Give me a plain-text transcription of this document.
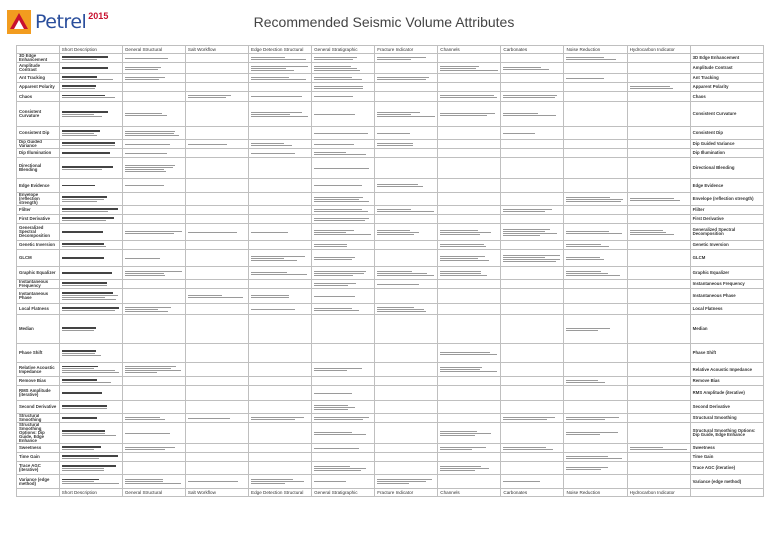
Petrel 2015	Recommended Seismic Volume Attributes
	Short Description	General Structural	Salt Workflow	Edge Detection Structural	General Stratigraphic	Fracture Indicator	Channels	Carbonates	Noise Reduction	Hydrocarbon Indicator	
3D Edge Enhancement											3D Edge Enhancement
Amplitude Contrast											Amplitude Contrast
Ant Tracking											Ant Tracking
Apparent Polarity											Apparent Polarity
Chaos											Chaos
Consistent Curvature											Consistent Curvature
Consistent Dip											Consistent Dip
Dip Guided Variance											Dip Guided Variance
Dip Illumination											Dip Illumination
Directional Blending											Directional Blending
Edge Evidence											Edge Evidence
Envelope (reflection strength)											Envelope (reflection strength)
Flilter											Flilter
First Derivative											First Derivative
Generalized Spectral Decomposition											Generalized Spectral Decomposition
Genetic Inversion											Genetic Inversion
GLCM											GLCM
Graphic Equalizer											Graphic Equalizer
Instantaneous Frequency											Instantaneous Frequency
Instantaneous Phase											Instantaneous Phase
Local Flatness											Local Flatness
Median											Median
Phase Shift											Phase Shift
Relative Acoustic Impedance											Relative Acoustic Impedance
Remove Bias											Remove Bias
RMS Amplitude (iterative)											RMS Amplitude (iterative)
Second Derivative											Second Derivative
Structural Smoothing											Structural Smoothing
Structural Smoothing Options: Dip Guide, Edge Enhance											Structural Smoothing Options: Dip Guide, Edge Enhance
Sweetness											Sweetness
Time Gain											Time Gain
Trace AGC (iterative)											Trace AGC (iterative)
Variance (edge method)											Variance (edge method)
	Short Description	General Structural	Salt Workflow	Edge Detection Structural	General Stratigraphic	Fracture Indicator	Channels	Carbonates	Noise Reduction	Hydrocarbon Indicator	
